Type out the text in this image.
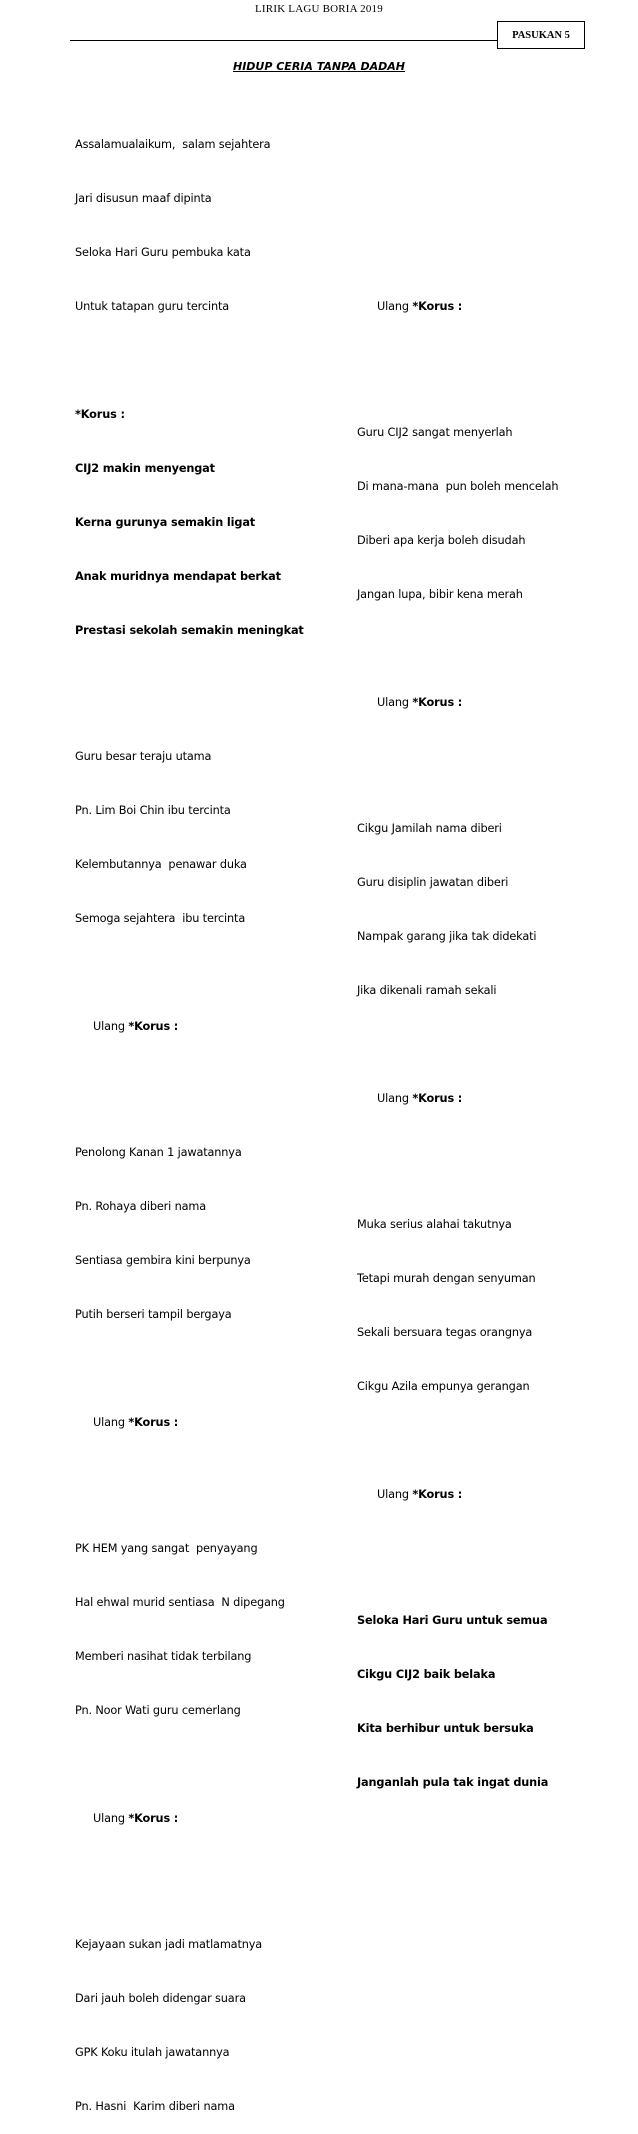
LIRIK LAGU BORIA 2019
PASUKAN 5
HIDUP CERIA TANPA DADAH

Assalamualaikum,  salam sejahtera

Jari disusun maaf dipinta

Seloka Hari Guru pembuka kata

Untuk tatapan guru tercinta

*Korus :

CIJ2 makin menyengat

Kerna gurunya semakin ligat

Anak muridnya mendapat berkat

Prestasi sekolah semakin meningkat

Guru besar teraju utama

Pn. Lim Boi Chin ibu tercinta

Kelembutannya  penawar duka

Semoga sejahtera  ibu tercinta

Ulang *Korus :

Penolong Kanan 1 jawatannya

Pn. Rohaya diberi nama

Sentiasa gembira kini berpunya

Putih berseri tampil bergaya

Ulang *Korus :

PK HEM yang sangat  penyayang

Hal ehwal murid sentiasa  N dipegang

Memberi nasihat tidak terbilang

Pn. Noor Wati guru cemerlang

Ulang *Korus :

Kejayaan sukan jadi matlamatnya

Dari jauh boleh didengar suara

GPK Koku itulah jawatannya

Pn. Hasni  Karim diberi nama

Ulang *Korus :

Guru CIJ2 sangat menyerlah

Di mana-mana  pun boleh mencelah

Diberi apa kerja boleh disudah

Jangan lupa, bibir kena merah

Ulang *Korus :

Cikgu Jamilah nama diberi

Guru disiplin jawatan diberi

Nampak garang jika tak didekati

Jika dikenali ramah sekali

Ulang *Korus :

Muka serius alahai takutnya

Tetapi murah dengan senyuman

Sekali bersuara tegas orangnya

Cikgu Azila empunya gerangan

Ulang *Korus :

Seloka Hari Guru untuk semua

Cikgu CIJ2 baik belaka

Kita berhibur untuk bersuka

Janganlah pula tak ingat dunia
